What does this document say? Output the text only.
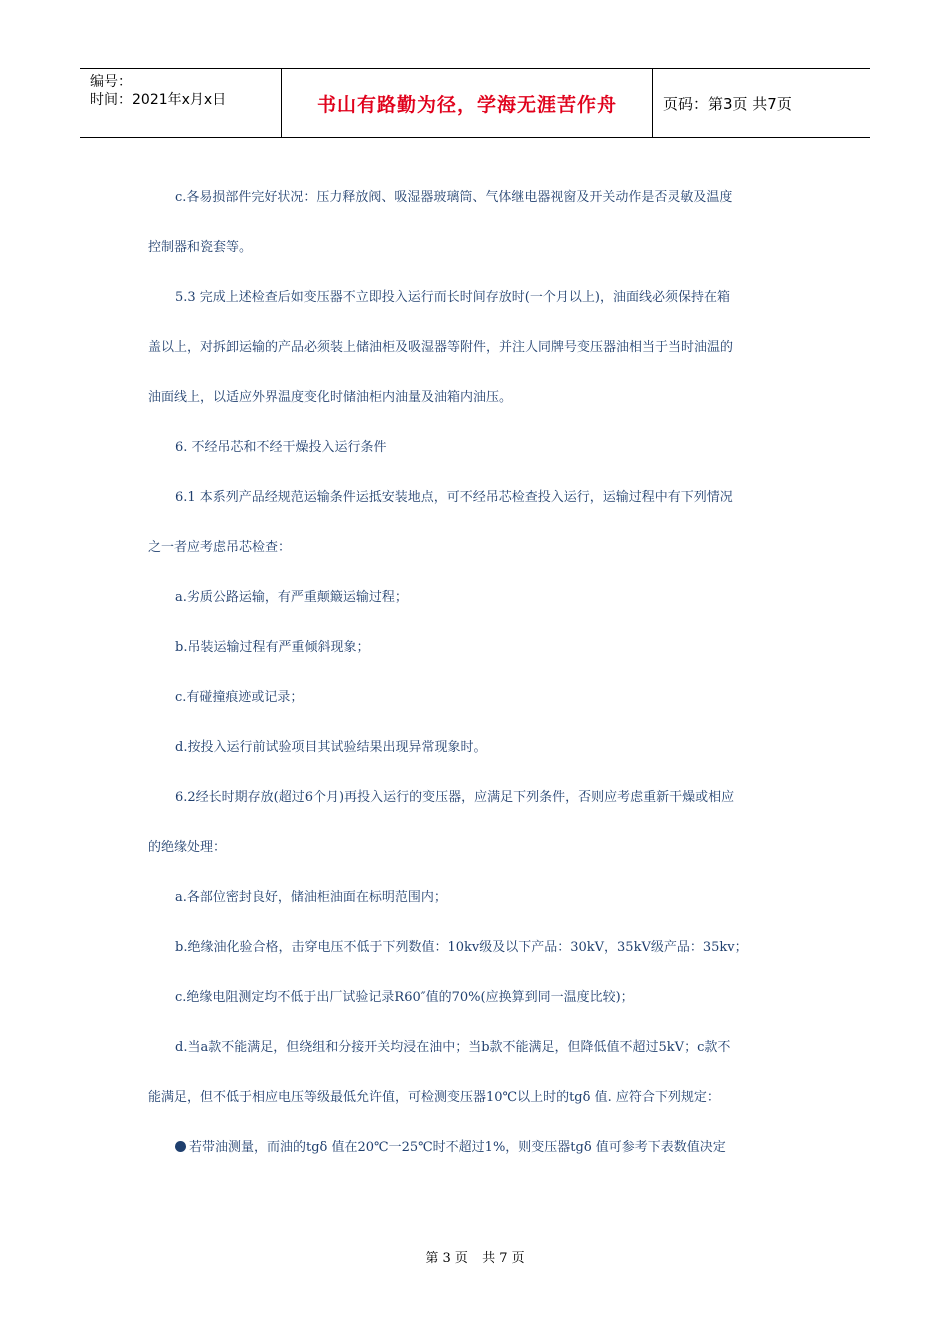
编号：
时间：2021年x月x日	书山有路勤为径，学海无涯苦作舟	页码：第3页 共7页
c.各易损部件完好状况：压力释放阀、吸湿器玻璃筒、气体继电器视窗及开关动作是否灵敏及温度
控制器和瓷套等。
5.3 完成上述检查后如变压器不立即投入运行而长时间存放时(一个月以上)，油面线必须保持在箱
盖以上，对拆卸运输的产品必须装上储油柜及吸湿器等附件，并注人同牌号变压器油相当于当时油温的
油面线上，以适应外界温度变化时储油柜内油量及油箱内油压。
6. 不经吊芯和不经干燥投入运行条件
6.1 本系列产品经规范运输条件运抵安装地点，可不经吊芯检查投入运行，运输过程中有下列情况
之一者应考虑吊芯检查：
a.劣质公路运输，有严重颠簸运输过程；
b.吊装运输过程有严重倾斜现象；
c.有碰撞痕迹或记录；
d.按投入运行前试验项目其试验结果出现异常现象时。
6.2经长时期存放(超过6个月)再投入运行的变压器，应满足下列条件，否则应考虑重新干燥或相应
的绝缘处理：
a.各部位密封良好，储油柜油面在标明范围内；
b.绝缘油化验合格，击穿电压不低于下列数值：10kv级及以下产品：30kV，35kV级产品：35kv；
c.绝缘电阻测定均不低于出厂试验记录R60″值的70%(应换算到同一温度比较)；
d.当a款不能满足，但绕组和分接开关均浸在油中；当b款不能满足，但降低值不超过5kV；c款不
能满足，但不低于相应电压等级最低允许值，可检测变压器10℃以上时的tgδ 值. 应符合下列规定：
若带油测量，而油的tgδ 值在20℃一25℃时不超过1%，则变压器tgδ 值可参考下表数值决定
第 3 页 共 7 页
